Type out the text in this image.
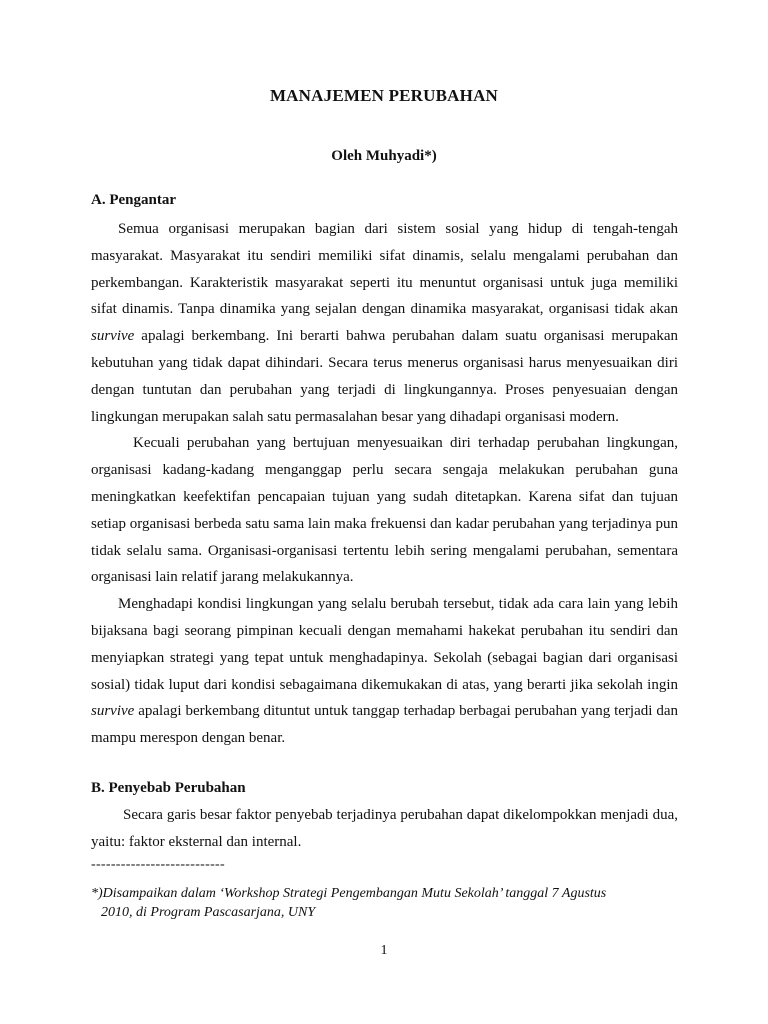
MANAJEMEN PERUBAHAN
Oleh Muhyadi*)
A. Pengantar

Semua organisasi merupakan bagian dari sistem sosial yang hidup di tengah-tengah masyarakat. Masyarakat itu sendiri memiliki sifat dinamis, selalu mengalami perubahan dan perkembangan. Karakteristik masyarakat seperti itu menuntut organisasi untuk juga memiliki sifat dinamis. Tanpa dinamika yang sejalan dengan dinamika masyarakat, organisasi tidak akan survive apalagi berkembang. Ini berarti bahwa perubahan dalam suatu organisasi merupakan kebutuhan yang tidak dapat dihindari. Secara terus menerus organisasi harus menyesuaikan diri dengan tuntutan dan perubahan yang terjadi di lingkungannya. Proses penyesuaian dengan lingkungan merupakan salah satu permasalahan besar yang dihadapi organisasi modern.

Kecuali perubahan yang bertujuan menyesuaikan diri terhadap perubahan lingkungan, organisasi kadang-kadang menganggap perlu secara sengaja melakukan perubahan guna meningkatkan keefektifan pencapaian tujuan yang sudah ditetapkan. Karena sifat dan tujuan setiap organisasi berbeda satu sama lain maka frekuensi dan kadar perubahan yang terjadinya pun tidak selalu sama. Organisasi-organisasi tertentu lebih sering mengalami perubahan, sementara organisasi lain relatif jarang melakukannya.

Menghadapi kondisi lingkungan yang selalu berubah tersebut, tidak ada cara lain yang lebih bijaksana bagi seorang pimpinan kecuali dengan memahami hakekat perubahan itu sendiri dan menyiapkan strategi yang tepat untuk menghadapinya. Sekolah (sebagai bagian dari organisasi sosial) tidak luput dari kondisi sebagaimana dikemukakan di atas, yang berarti jika sekolah ingin survive apalagi berkembang dituntut untuk tanggap terhadap berbagai perubahan yang terjadi dan mampu merespon dengan benar.

B. Penyebab Perubahan

Secara garis besar faktor penyebab terjadinya perubahan dapat dikelompokkan menjadi dua, yaitu: faktor eksternal dan internal.

---------------------------
*)Disampaikan dalam ‘Workshop Strategi Pengembangan Mutu Sekolah’ tanggal 7 Agustus
2010, di Program Pascasarjana, UNY
1
